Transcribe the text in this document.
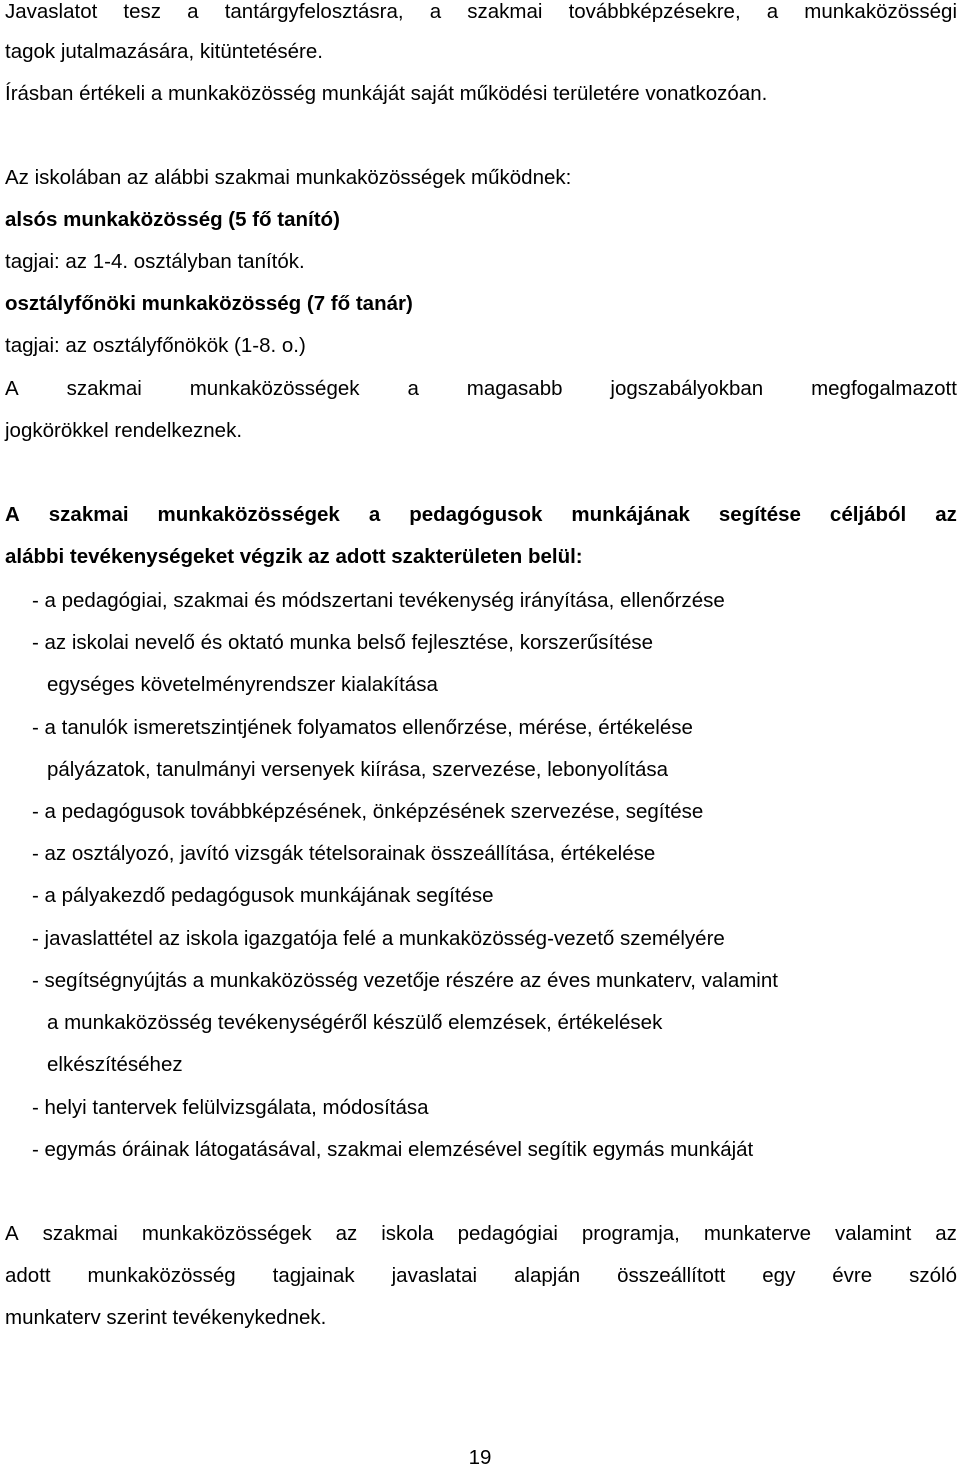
Javaslatot tesz a tantárgyfelosztásra, a szakmai továbbképzésekre, a munkaközösségi
tagok jutalmazására, kitüntetésére.
Írásban értékeli a munkaközösség munkáját saját működési területére vonatkozóan.
Az iskolában az alábbi szakmai munkaközösségek működnek:
alsós munkaközösség (5 fő tanító)
tagjai: az 1-4. osztályban tanítók.
osztályfőnöki munkaközösség (7 fő tanár)
tagjai: az osztályfőnökök (1-8. o.)
A szakmai munkaközösségek a magasabb jogszabályokban megfogalmazott
jogkörökkel rendelkeznek.
A szakmai munkaközösségek a pedagógusok munkájának segítése céljából az
alábbi tevékenységeket végzik az adott szakterületen belül:
- a pedagógiai, szakmai és módszertani tevékenység irányítása, ellenőrzése
- az iskolai nevelő és oktató munka belső fejlesztése, korszerűsítése
egységes követelményrendszer kialakítása
- a tanulók ismeretszintjének folyamatos ellenőrzése, mérése, értékelése
pályázatok, tanulmányi versenyek kiírása, szervezése, lebonyolítása
- a pedagógusok továbbképzésének, önképzésének szervezése, segítése
- az osztályozó, javító vizsgák tételsorainak összeállítása, értékelése
- a pályakezdő pedagógusok munkájának segítése
- javaslattétel az iskola igazgatója felé a munkaközösség-vezető személyére
- segítségnyújtás a munkaközösség vezetője részére az éves munkaterv, valamint
a munkaközösség tevékenységéről készülő elemzések, értékelések
elkészítéséhez
- helyi tantervek felülvizsgálata, módosítása
- egymás óráinak látogatásával, szakmai elemzésével segítik egymás munkáját
A szakmai munkaközösségek az iskola pedagógiai programja, munkaterve valamint az
adott munkaközösség tagjainak javaslatai alapján összeállított egy évre szóló
munkaterv szerint tevékenykednek.
19
